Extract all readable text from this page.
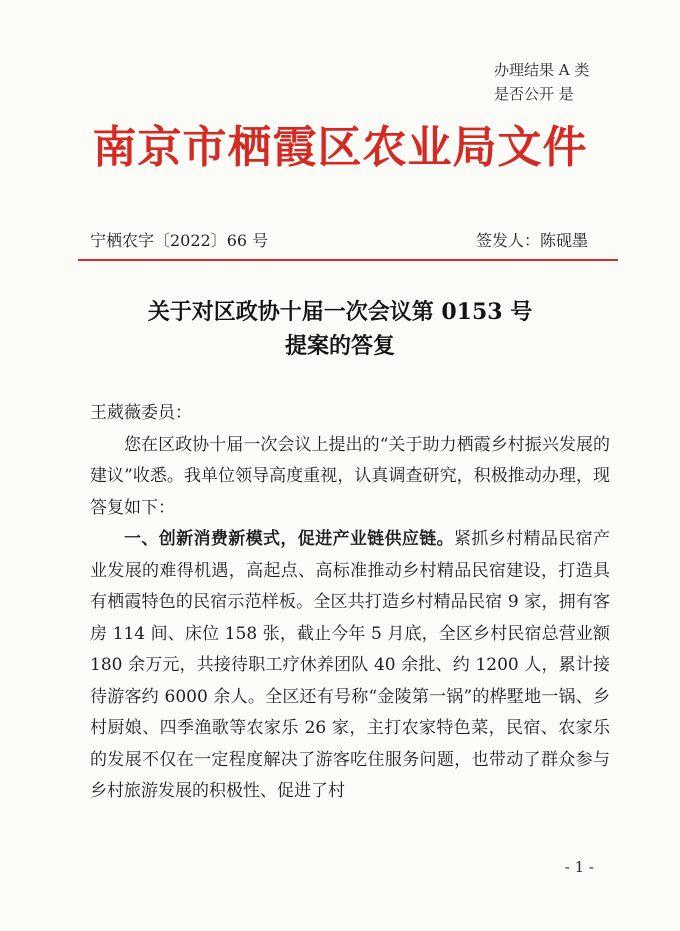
办理结果 A 类
是否公开 是
南京市栖霞区农业局文件
宁栖农字〔2022〕66 号	签发人：陈砚墨
关于对区政协十届一次会议第 0153 号
提案的答复

王葳薇委员：

您在区政协十届一次会议上提出的“关于助力栖霞乡村振兴发展的建议”收悉。我单位领导高度重视，认真调查研究，积极推动办理，现答复如下：

一、创新消费新模式，促进产业链供应链。紧抓乡村精品民宿产业发展的难得机遇，高起点、高标准推动乡村精品民宿建设，打造具有栖霞特色的民宿示范样板。全区共打造乡村精品民宿 9 家，拥有客房 114 间、床位 158 张，截止今年 5 月底，全区乡村民宿总营业额 180 余万元，共接待职工疗休养团队 40 余批、约 1200 人，累计接待游客约 6000 余人。全区还有号称“金陵第一锅”的桦墅地一锅、乡村厨娘、四季渔歌等农家乐 26 家，主打农家特色菜，民宿、农家乐的发展不仅在一定程度解决了游客吃住服务问题，也带动了群众参与乡村旅游发展的积极性、促进了村

- 1 -
